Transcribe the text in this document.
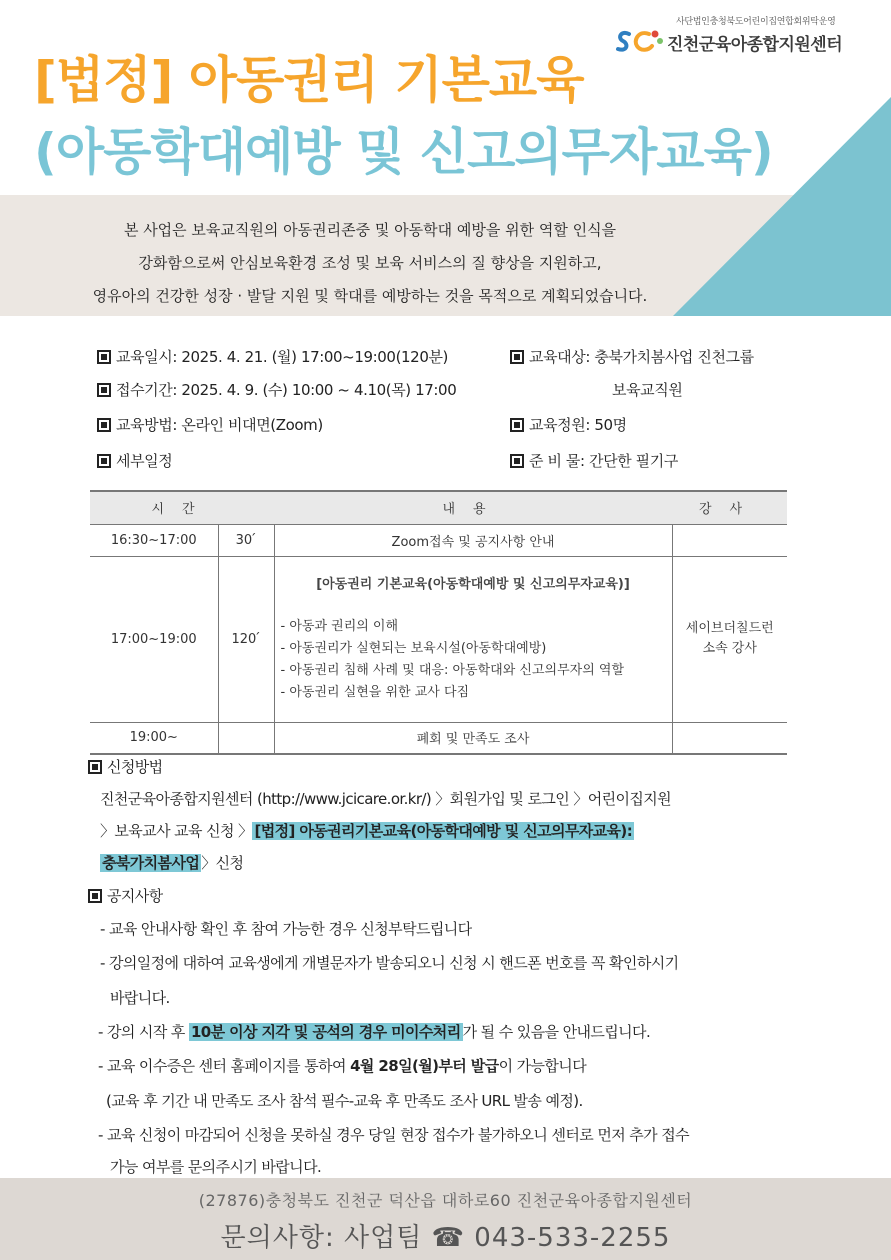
사단법인충청북도어린이집연합회위탁운영
진천군육아종합지원센터
[법정] 아동권리 기본교육
(아동학대예방 및 신고의무자교육)
본 사업은 보육교직원의 아동권리존중 및 아동학대 예방을 위한 역할 인식을
강화함으로써 안심보육환경 조성 및 보육 서비스의 질 향상을 지원하고,
영유아의 건강한 성장 · 발달 지원 및 학대를 예방하는 것을 목적으로 계획되었습니다.
교육일시: 2025. 4. 21. (월) 17:00~19:00(120분)
접수기간: 2025. 4. 9. (수) 10:00 ~ 4.10(목) 17:00
교육방법: 온라인 비대면(Zoom)
세부일정
교육대상: 충북가치봄사업 진천그룹
보육교직원
교육정원: 50명
준 비 물: 간단한 필기구
시간		내용	강사
16:30~17:00	30 ́	Zoom접속 및 공지사항 안내	
17:00~19:00	120 ́	[아동권리 기본교육(아동학대예방 및 신고의무자교육)]
- 아동과 권리의 이해
- 아동권리가 실현되는 보육시설(아동학대예방)
- 아동권리 침해 사례 및 대응: 아동학대와 신고의무자의 역할
- 아동권리 실현을 위한 교사 다짐	세이브더칠드런 소속 강사
19:00~		폐회 및 만족도 조사	
신청방법
진천군육아종합지원센터 (http://www.jcicare.or.kr/) 〉회원가입 및 로그인 〉어린이집지원
〉보육교사 교육 신청 〉 [법정] 아동권리기본교육(아동학대예방 및 신고의무자교육):
충북가치봄사업 〉신청
공지사항
- 교육 안내사항 확인 후 참여 가능한 경우 신청부탁드립니다
- 강의일정에 대하여 교육생에게 개별문자가 발송되오니 신청 시 핸드폰 번호를 꼭 확인하시기
바랍니다.
- 강의 시작 후 10분 이상 지각 및 공석의 경우 미이수처리 가 될 수 있음을 안내드립니다.
- 교육 이수증은 센터 홈페이지를 통하여 4월 28일(월)부터 발급이 가능합니다
(교육 후 기간 내 만족도 조사 참석 필수-교육 후 만족도 조사 URL 발송 예정).
- 교육 신청이 마감되어 신청을 못하실 경우 당일 현장 접수가 불가하오니 센터로 먼저 추가 접수
가능 여부를 문의주시기 바랍니다.
(27876)충청북도 진천군 덕산읍 대하로60 진천군육아종합지원센터
문의사항: 사업팀 ☎ 043-533-2255
